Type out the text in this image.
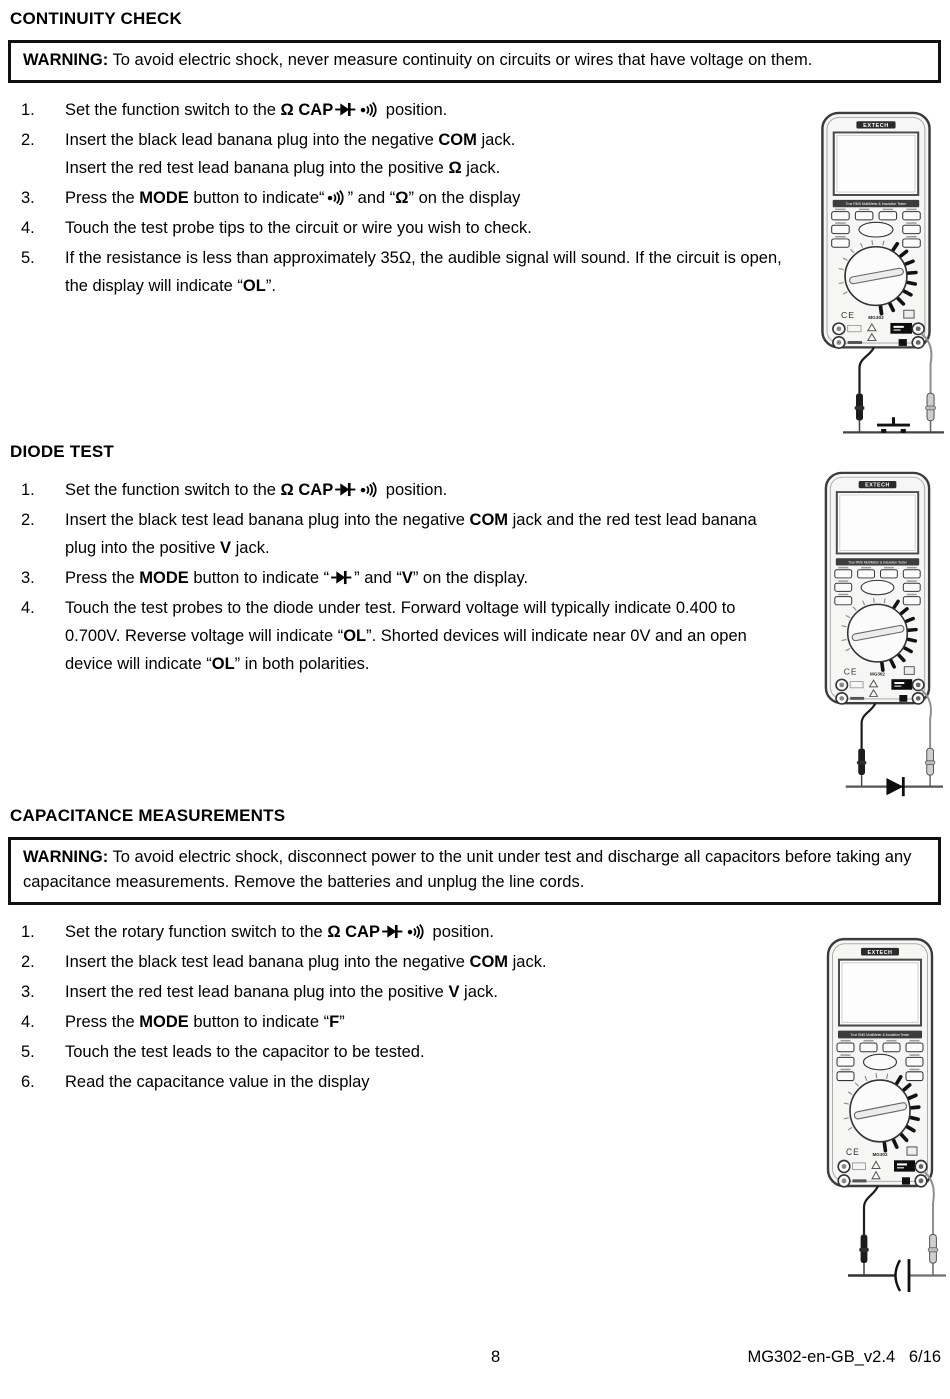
CONTINUITY CHECK
WARNING: To avoid electric shock, never measure continuity on circuits or wires that have voltage on them.
1.	Set the function switch to the Ω CAP	position.
2.	Insert the black lead banana plug into the negative COM jack.
Insert the red test lead banana plug into the positive Ω jack.
3.	Press the MODE button to indicate“ ” and “Ω” on the display
4.	Touch the test probe tips to the circuit or wire you wish to check.
5.	If the resistance is less than approximately 35Ω, the audible signal will sound. If the circuit is open, the display will indicate “OL”.
DIODE TEST
1.	Set the function switch to the Ω CAP	position.
2.	Insert the black test lead banana plug into the negative COM jack and the red test lead banana plug into the positive V jack.
3.	Press the MODE button to indicate “ ” and “V” on the display.
4.	Touch the test probes to the diode under test. Forward voltage will typically indicate 0.400 to 0.700V. Reverse voltage will indicate “OL”. Shorted devices will indicate near 0V and an open device will indicate “OL” in both polarities.
CAPACITANCE MEASUREMENTS
WARNING: To avoid electric shock, disconnect power to the unit under test and discharge all capacitors before taking any capacitance measurements. Remove the batteries and unplug the line cords.
1.	Set the rotary function switch to the Ω CAP	position.
2.	Insert the black test lead banana plug into the negative COM jack.
3.	Insert the red test lead banana plug into the positive V jack.
4.	Press the MODE button to indicate “F”
5.	Touch the test leads to the capacitor to be tested.
6.	Read the capacitance value in the display
EXTECH
True RMS MultiMeter & Insulation Tester
CE	MG302
EXTECH
True RMS MultiMeter & Insulation Tester
CE	MG302
EXTECH
True RMS MultiMeter & Insulation Tester
CE	MG302
8	MG302-en-GB_v2.4   6/16
